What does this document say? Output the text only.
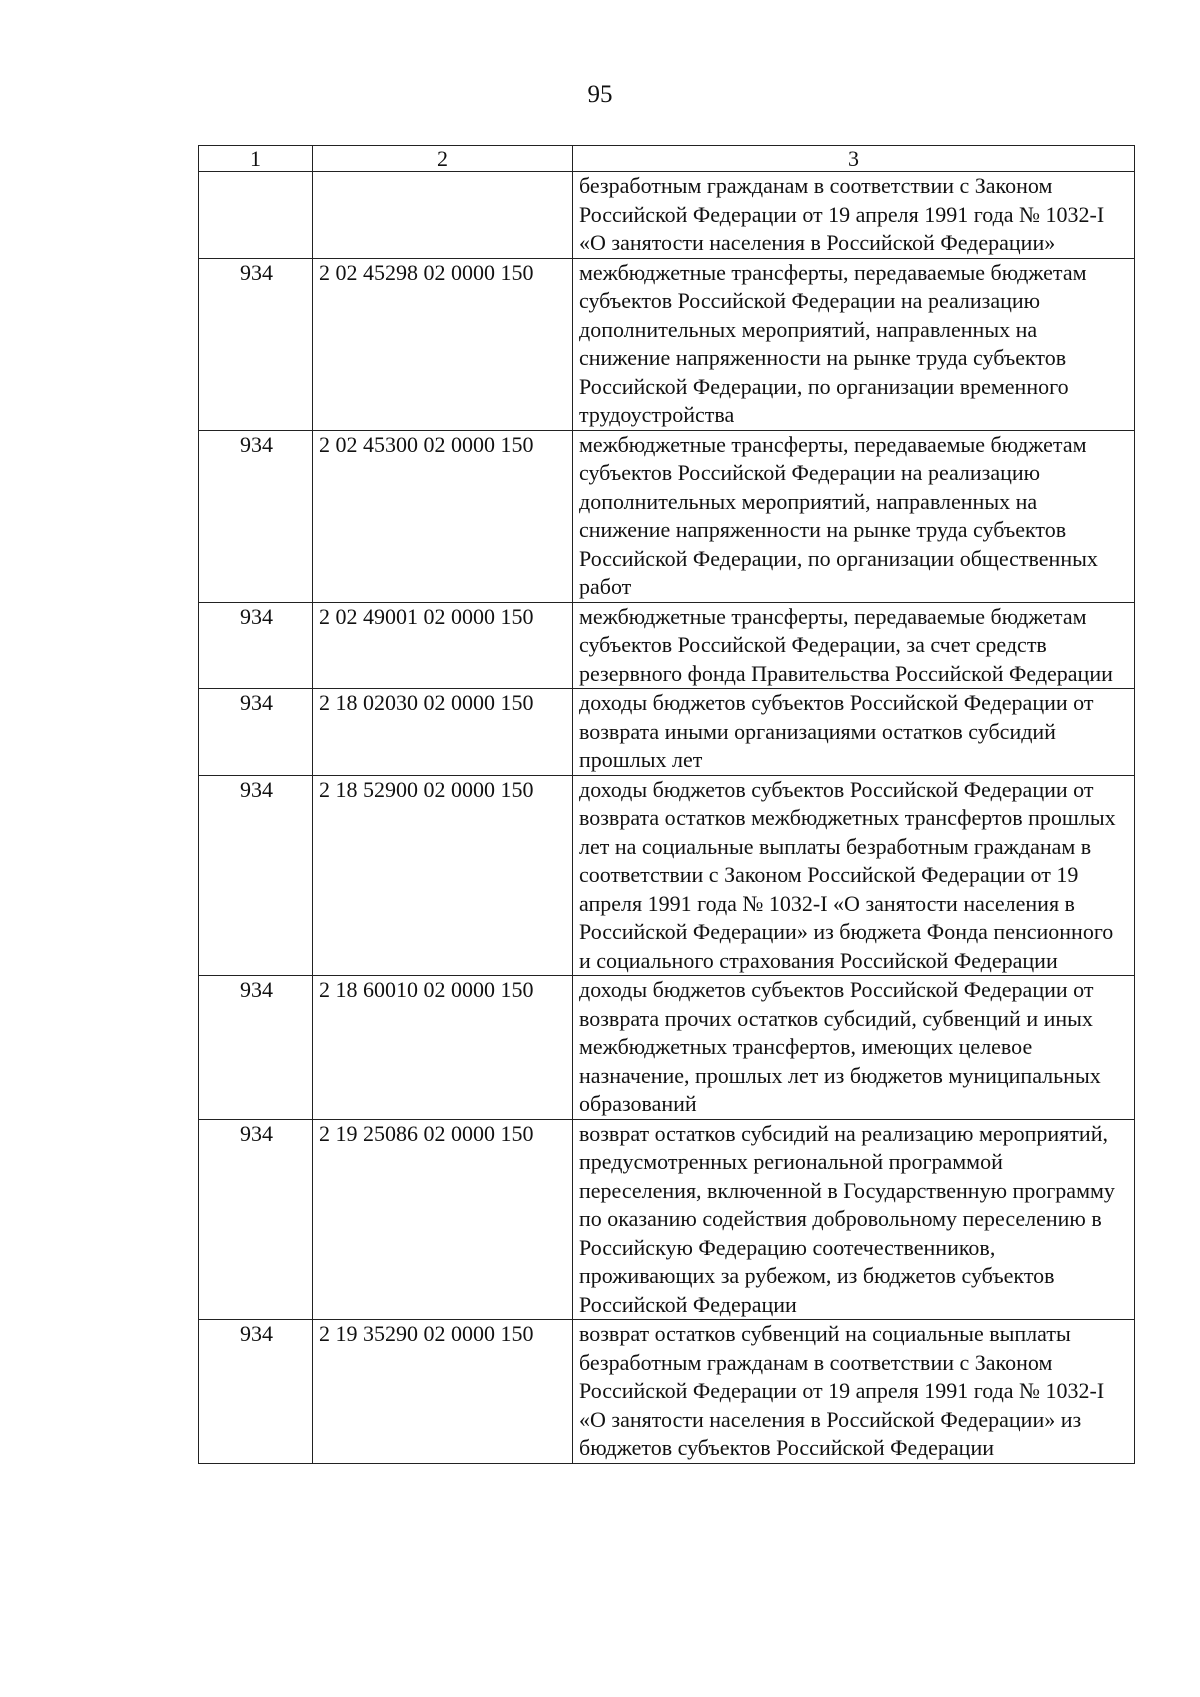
95
1	2	3
		безработным гражданам в соответствии с Законом Российской Федерации от 19 апреля 1991 года № 1032-I «О занятости населения в Российской Федерации»
934	2 02 45298 02 0000 150	межбюджетные трансферты, передаваемые бюджетам субъектов Российской Федерации на реализацию дополнительных мероприятий, направленных на снижение напряженности на рынке труда субъектов Российской Федерации, по организации временного трудоустройства
934	2 02 45300 02 0000 150	межбюджетные трансферты, передаваемые бюджетам субъектов Российской Федерации на реализацию дополнительных мероприятий, направленных на снижение напряженности на рынке труда субъектов Российской Федерации, по организации общественных работ
934	2 02 49001 02 0000 150	межбюджетные трансферты, передаваемые бюджетам субъектов Российской Федерации, за счет средств резервного фонда Правительства Российской Федерации
934	2 18 02030 02 0000 150	доходы бюджетов субъектов Российской Федерации от возврата иными организациями остатков субсидий прошлых лет
934	2 18 52900 02 0000 150	доходы бюджетов субъектов Российской Федерации от возврата остатков межбюджетных трансфертов прошлых лет на социальные выплаты безработным гражданам в соответствии с Законом Российской Федерации от 19 апреля 1991 года № 1032-I «О занятости населения в Российской Федерации» из бюджета Фонда пенсионного и социального страхования Российской Федерации
934	2 18 60010 02 0000 150	доходы бюджетов субъектов Российской Федерации от возврата прочих остатков субсидий, субвенций и иных межбюджетных трансфертов, имеющих целевое назначение, прошлых лет из бюджетов муниципальных образований
934	2 19 25086 02 0000 150	возврат остатков субсидий на реализацию мероприятий, предусмотренных региональной программой переселения, включенной в Государственную программу по оказанию содействия добровольному переселению в Российскую Федерацию соотечественников, проживающих за рубежом, из бюджетов субъектов Российской Федерации
934	2 19 35290 02 0000 150	возврат остатков субвенций на социальные выплаты безработным гражданам в соответствии с Законом Российской Федерации от 19 апреля 1991 года № 1032-I «О занятости населения в Российской Федерации» из бюджетов субъектов Российской Федерации
